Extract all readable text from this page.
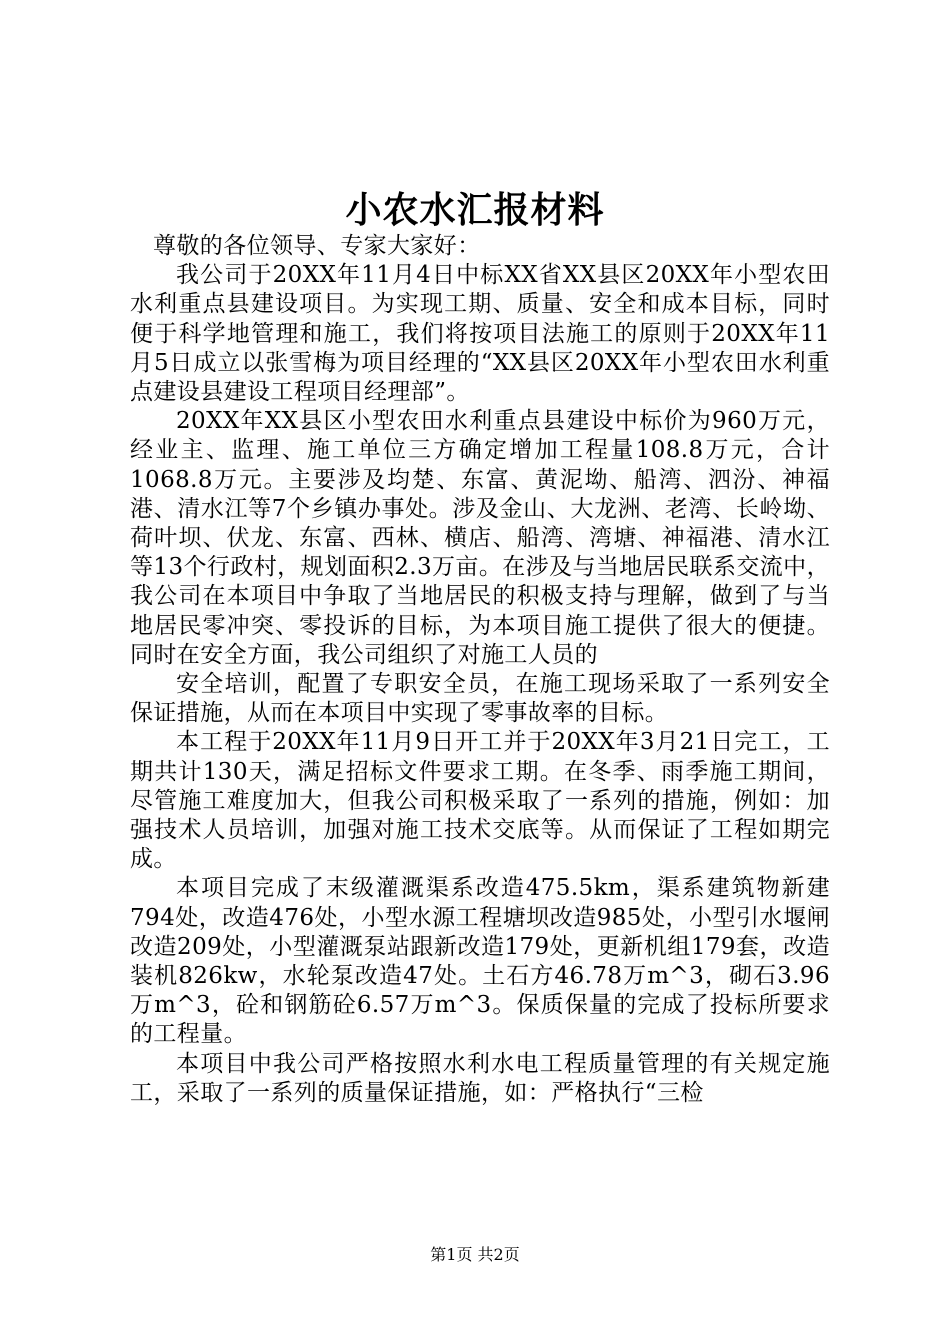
小农水汇报材料

尊敬的各位领导、专家大家好：

我公司于20XX年11月4日中标XX省XX县区20XX年小型农田水利重点县建设项目。为实现工期、质量、安全和成本目标，同时便于科学地管理和施工，我们将按项目法施工的原则于20XX年11月5日成立以张雪梅为项目经理的“XX县区20XX年小型农田水利重点建设县建设工程项目经理部”。

20XX年XX县区小型农田水利重点县建设中标价为960万元，经业主、监理、施工单位三方确定增加工程量108.8万元，合计1068.8万元。主要涉及均楚、东富、黄泥坳、船湾、泗汾、神福港、清水江等7个乡镇办事处。涉及金山、大龙洲、老湾、长岭坳、荷叶坝、伏龙、东富、西林、横店、船湾、湾塘、神福港、清水江等13个行政村，规划面积2.3万亩。在涉及与当地居民联系交流中，我公司在本项目中争取了当地居民的积极支持与理解，做到了与当地居民零冲突、零投诉的目标，为本项目施工提供了很大的便捷。同时在安全方面，我公司组织了对施工人员的

安全培训，配置了专职安全员，在施工现场采取了一系列安全保证措施，从而在本项目中实现了零事故率的目标。

本工程于20XX年11月9日开工并于20XX年3月21日完工，工期共计130天，满足招标文件要求工期。在冬季、雨季施工期间，尽管施工难度加大，但我公司积极采取了一系列的措施，例如：加强技术人员培训，加强对施工技术交底等。从而保证了工程如期完成。

本项目完成了末级灌溉渠系改造475.5km，渠系建筑物新建794处，改造476处，小型水源工程塘坝改造985处，小型引水堰闸改造209处，小型灌溉泵站跟新改造179处，更新机组179套，改造装机826kw，水轮泵改造47处。土石方46.78万m^3，砌石3.96万m^3，砼和钢筋砼6.57万m^3。保质保量的完成了投标所要求的工程量。

本项目中我公司严格按照水利水电工程质量管理的有关规定施工，采取了一系列的质量保证措施，如：严格执行“三检

第1页 共2页
